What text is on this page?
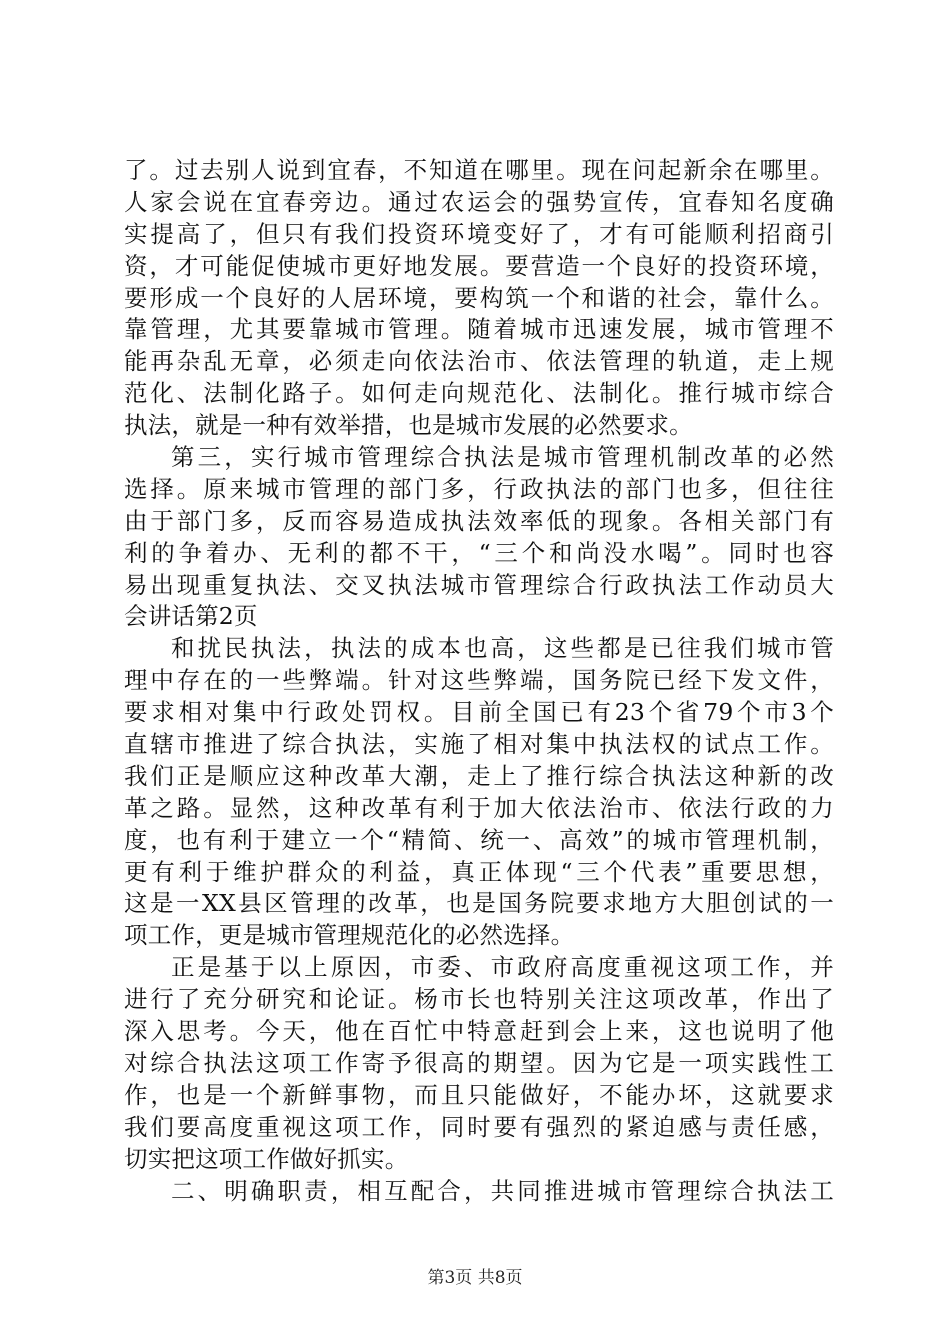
了。过去别人说到宜春，不知道在哪里。现在问起新余在哪里。
人家会说在宜春旁边。通过农运会的强势宣传，宜春知名度确
实提高了，但只有我们投资环境变好了，才有可能顺利招商引
资，才可能促使城市更好地发展。要营造一个良好的投资环境，
要形成一个良好的人居环境，要构筑一个和谐的社会，靠什么。
靠管理，尤其要靠城市管理。随着城市迅速发展，城市管理不
能再杂乱无章，必须走向依法治市、依法管理的轨道，走上规
范化、法制化路子。如何走向规范化、法制化。推行城市综合
执法，就是一种有效举措，也是城市发展的必然要求。
第三，实行城市管理综合执法是城市管理机制改革的必然
选择。原来城市管理的部门多，行政执法的部门也多，但往往
由于部门多，反而容易造成执法效率低的现象。各相关部门有
利的争着办、无利的都不干，“三个和尚没水喝”。同时也容
易出现重复执法、交叉执法城市管理综合行政执法工作动员大
会讲话第2页
和扰民执法，执法的成本也高，这些都是已往我们城市管
理中存在的一些弊端。针对这些弊端，国务院已经下发文件，
要求相对集中行政处罚权。目前全国已有23个省79个市3个
直辖市推进了综合执法，实施了相对集中执法权的试点工作。
我们正是顺应这种改革大潮，走上了推行综合执法这种新的改
革之路。显然，这种改革有利于加大依法治市、依法行政的力
度，也有利于建立一个“精简、统一、高效”的城市管理机制，
更有利于维护群众的利益，真正体现“三个代表”重要思想，
这是一XX县区管理的改革，也是国务院要求地方大胆创试的一
项工作，更是城市管理规范化的必然选择。
正是基于以上原因，市委、市政府高度重视这项工作，并
进行了充分研究和论证。杨市长也特别关注这项改革，作出了
深入思考。今天，他在百忙中特意赶到会上来，这也说明了他
对综合执法这项工作寄予很高的期望。因为它是一项实践性工
作，也是一个新鲜事物，而且只能做好，不能办坏，这就要求
我们要高度重视这项工作，同时要有强烈的紧迫感与责任感，
切实把这项工作做好抓实。
二、明确职责，相互配合，共同推进城市管理综合执法工
第3页 共8页
